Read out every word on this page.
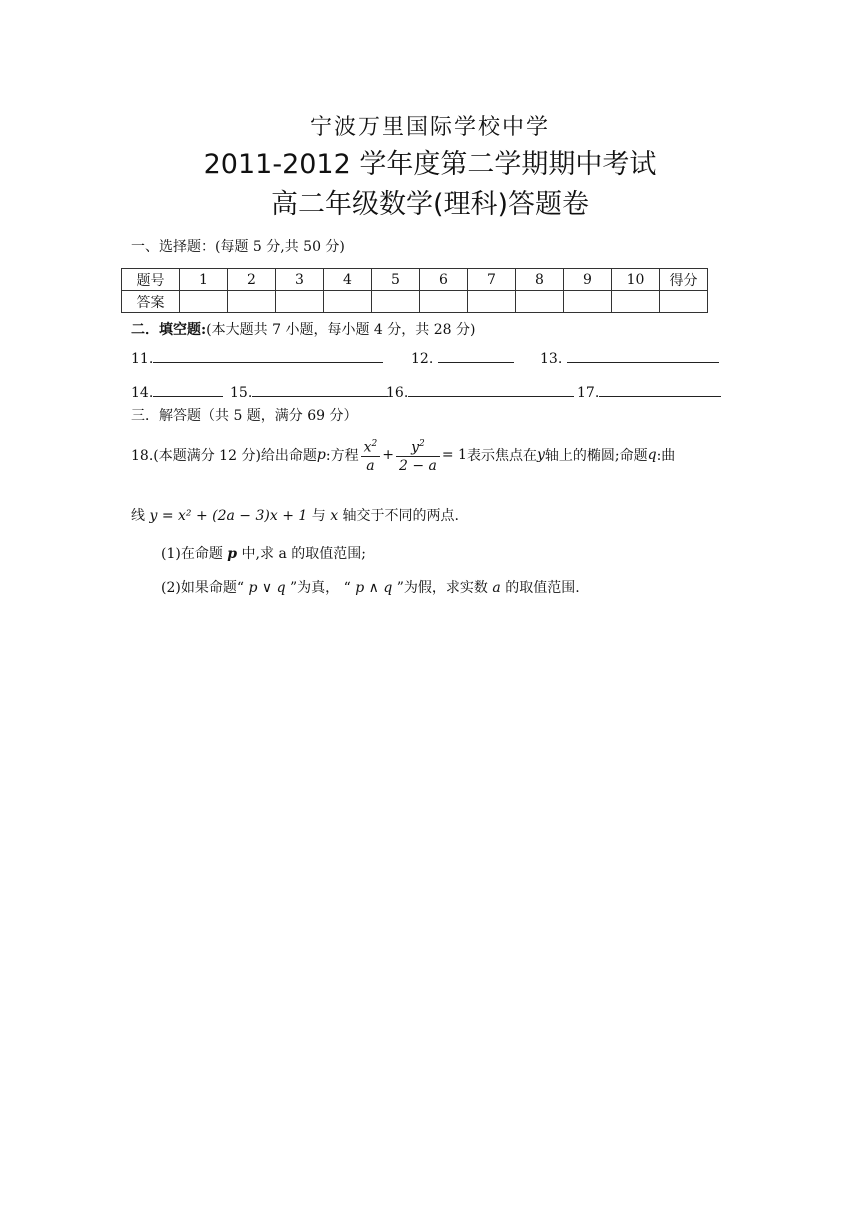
宁波万里国际学校中学
2011-2012 学年度第二学期期中考试
高二年级数学(理科)答题卷
一、选择题：(每题 5 分,共 50 分)
题号	1	2	3	4	5	6	7	8	9	10	得分
答案											
二．填空题:(本大题共 7 小题，每小题 4 分，共 28 分)
11.	12.	13.
14.	15.	16.	17.
三．解答题（共 5 题，满分 69 分）
18.(本题满分 12 分)给出命题 p :方程 $\frac{x^2}{a} + \frac{y^2}{2 - a} = 1$ 表示焦点在 y 轴上的椭圆;命题 q :曲
线 y = x² + (2a − 3)x + 1 与 x 轴交于不同的两点.
(1)在命题 p 中,求 a 的取值范围;
(2)如果命题“ p ∨ q ”为真， “ p ∧ q ”为假，求实数 a 的取值范围.
